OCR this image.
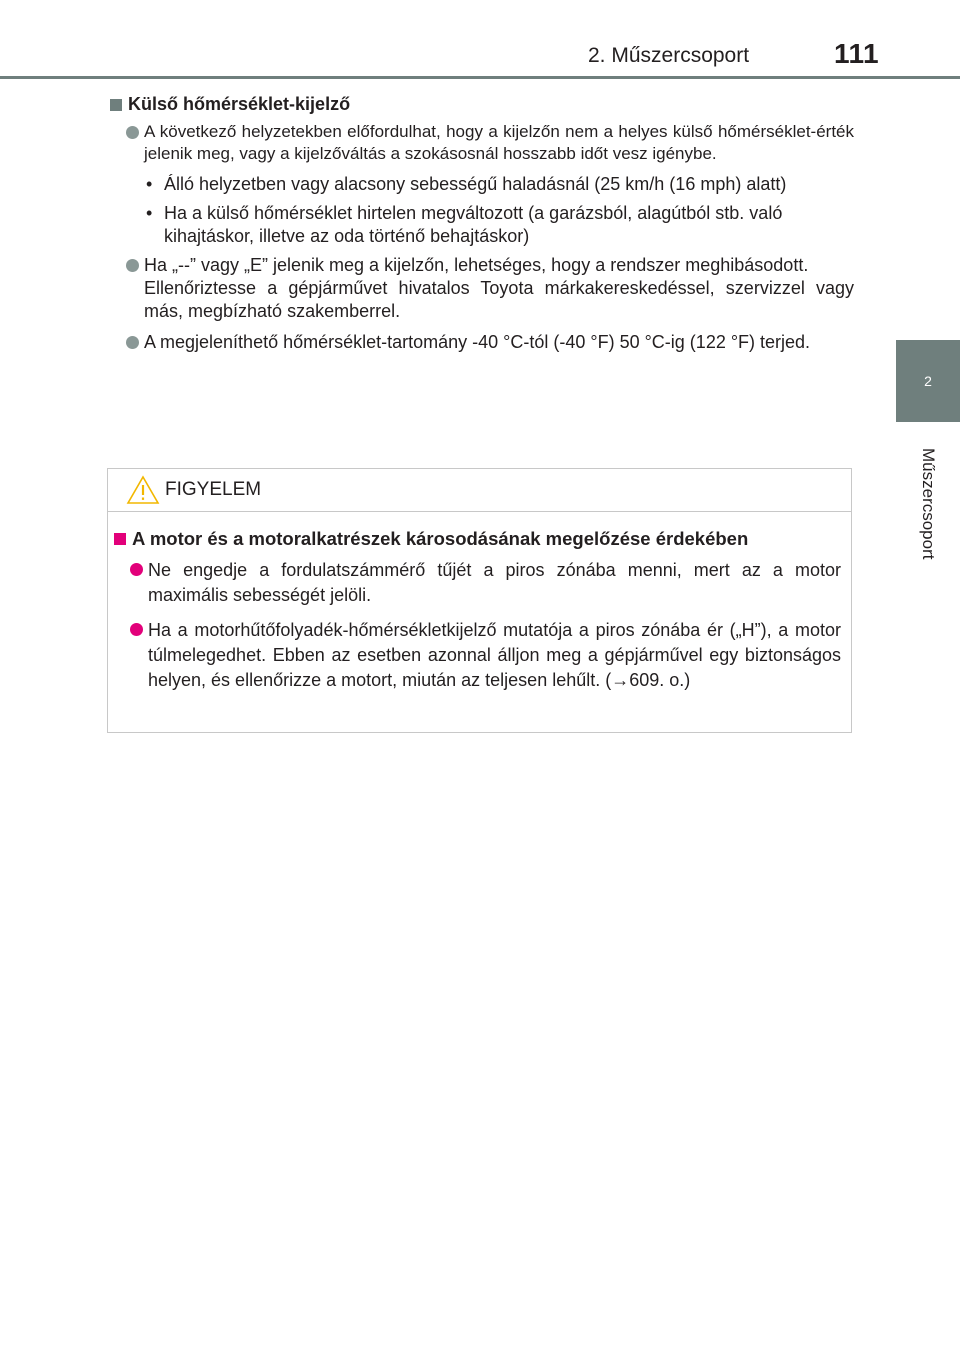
2. Műszercsoport	111
2
Műszercsoport
Külső hőmérséklet-kijelző

A következő helyzetekben előfordulhat, hogy a kijelzőn nem a helyes külső hőmérséklet-érték jelenik meg, vagy a kijelzőváltás a szokásosnál hosszabb időt vesz igénybe.

• Álló helyzetben vagy alacsony sebességű haladásnál (25 km/h (16 mph) alatt)
• Ha a külső hőmérséklet hirtelen megváltozott (a garázsból, alagútból stb. való kihajtáskor, illetve az oda történő behajtáskor)

Ha „--” vagy „E” jelenik meg a kijelzőn, lehetséges, hogy a rendszer meghibásodott.

Ellenőriztesse a gépjárművet hivatalos Toyota márkakereskedéssel, szervizzel vagy más, megbízható szakemberrel.

A megjeleníthető hőmérséklet-tartomány -40 °C-tól (-40 °F) 50 °C-ig (122 °F) terjed.

FIGYELEM
A motor és a motoralkatrészek károsodásának megelőzése érdekében

Ne engedje a fordulatszámmérő tűjét a piros zónába menni, mert az a motor maximális sebességét jelöli.

Ha a motorhűtőfolyadék-hőmérsékletkijelző mutatója a piros zónába ér („H”), a motor túlmelegedhet. Ebben az esetben azonnal álljon meg a gépjárművel egy biztonságos helyen, és ellenőrizze a motort, miután az teljesen lehűlt. (→609. o.)
